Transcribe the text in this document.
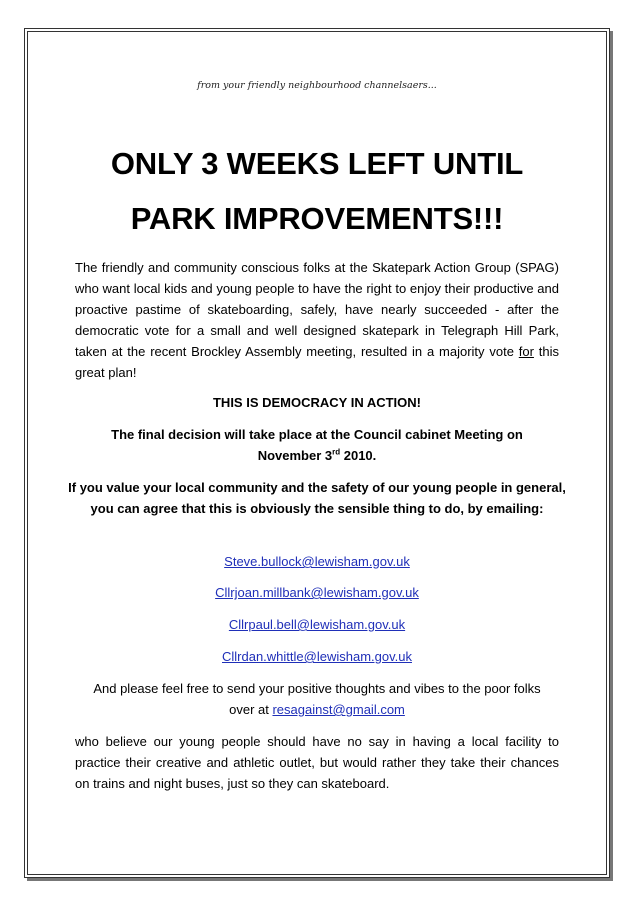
from your friendly neighbourhood channelsaers...
ONLY 3 WEEKS LEFT UNTIL
PARK IMPROVEMENTS!!!

The friendly and community conscious folks at the Skatepark Action Group (SPAG) who want local kids and young people to have the right to enjoy their productive and proactive pastime of skateboarding, safely, have nearly succeeded - after the democratic vote for a small and well designed skatepark in Telegraph Hill Park, taken at the recent Brockley Assembly meeting, resulted in a majority vote for this great plan!

THIS IS DEMOCRACY IN ACTION!

The final decision will take place at the Council cabinet Meeting on
November 3rd 2010.

If you value your local community and the safety of our young people in general, you can agree that this is obviously the sensible thing to do, by emailing:

Steve.bullock@lewisham.gov.uk
Cllrjoan.millbank@lewisham.gov.uk
Cllrpaul.bell@lewisham.gov.uk
Cllrdan.whittle@lewisham.gov.uk

And please feel free to send your positive thoughts and vibes to the poor folks
over at resagainst@gmail.com

who believe our young people should have no say in having a local facility to practice their creative and athletic outlet, but would rather they take their chances on trains and night buses, just so they can skateboard.
